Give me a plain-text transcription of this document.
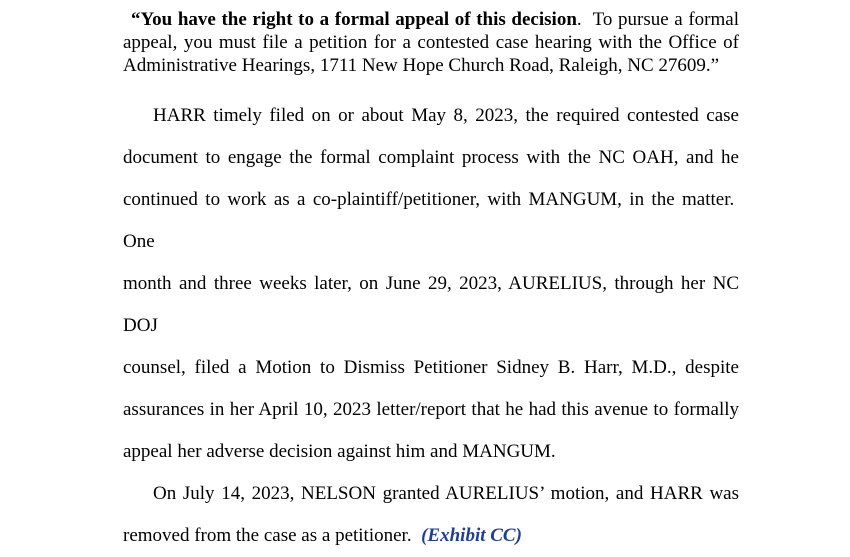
“You have the right to a formal appeal of this decision.  To pursue a formal
appeal, you must file a petition for a contested case hearing with the Office of
Administrative Hearings, 1711 New Hope Church Road, Raleigh, NC 27609.”
HARR timely filed on or about May 8, 2023, the required contested case
document to engage the formal complaint process with the NC OAH, and he
continued to work as a co-plaintiff/petitioner, with MANGUM, in the matter.  One
month and three weeks later, on June 29, 2023, AURELIUS, through her NC DOJ
counsel, filed a Motion to Dismiss Petitioner Sidney B. Harr, M.D., despite
assurances in her April 10, 2023 letter/report that he had this avenue to formally
appeal her adverse decision against him and MANGUM.
On July 14, 2023, NELSON granted AURELIUS’ motion, and HARR was
removed from the case as a petitioner.  (Exhibit CC)
